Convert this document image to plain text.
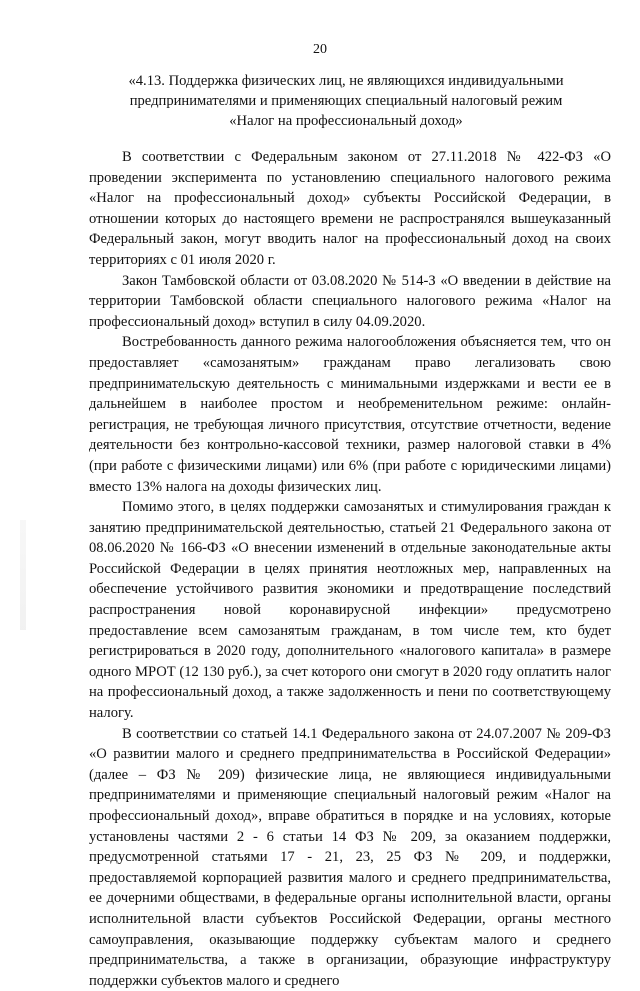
20
«4.13. Поддержка физических лиц, не являющихся индивидуальными предпринимателями и применяющих специальный налоговый режим «Налог на профессиональный доход»

В соответствии с Федеральным законом от 27.11.2018 № 422-ФЗ «О проведении эксперимента по установлению специального налогового режима «Налог на профессиональный доход» субъекты Российской Федерации, в отношении которых до настоящего времени не распространялся вышеуказанный Федеральный закон, могут вводить налог на профессиональный доход на своих территориях с 01 июля 2020 г.

Закон Тамбовской области от 03.08.2020 № 514-З «О введении в действие на территории Тамбовской области специального налогового режима «Налог на профессиональный доход» вступил в силу 04.09.2020.

Востребованность данного режима налогообложения объясняется тем, что он предоставляет «самозанятым» гражданам право легализовать свою предпринимательскую деятельность с минимальными издержками и вести ее в дальнейшем в наиболее простом и необременительном режиме: онлайн-регистрация, не требующая личного присутствия, отсутствие отчетности, ведение деятельности без контрольно-кассовой техники, размер налоговой ставки в 4% (при работе с физическими лицами) или 6% (при работе с юридическими лицами) вместо 13% налога на доходы физических лиц.

Помимо этого, в целях поддержки самозанятых и стимулирования граждан к занятию предпринимательской деятельностью, статьей 21 Федерального закона от 08.06.2020 № 166-ФЗ «О внесении изменений в отдельные законодательные акты Российской Федерации в целях принятия неотложных мер, направленных на обеспечение устойчивого развития экономики и предотвращение последствий распространения новой коронавирусной инфекции» предусмотрено предоставление всем самозанятым гражданам, в том числе тем, кто будет регистрироваться в 2020 году, дополнительного «налогового капитала» в размере одного МРОТ (12 130 руб.), за счет которого они смогут в 2020 году оплатить налог на профессиональный доход, а также задолженность и пени по соответствующему налогу.

В соответствии со статьей 14.1 Федерального закона от 24.07.2007 № 209-ФЗ «О развитии малого и среднего предпринимательства в Российской Федерации» (далее – ФЗ № 209) физические лица, не являющиеся индивидуальными предпринимателями и применяющие специальный налоговый режим «Налог на профессиональный доход», вправе обратиться в порядке и на условиях, которые установлены частями 2 - 6 статьи 14 ФЗ № 209, за оказанием поддержки, предусмотренной статьями 17 - 21, 23, 25 ФЗ № 209, и поддержки, предоставляемой корпорацией развития малого и среднего предпринимательства, ее дочерними обществами, в федеральные органы исполнительной власти, органы исполнительной власти субъектов Российской Федерации, органы местного самоуправления, оказывающие поддержку субъектам малого и среднего предпринимательства, а также в организации, образующие инфраструктуру поддержки субъектов малого и среднего
